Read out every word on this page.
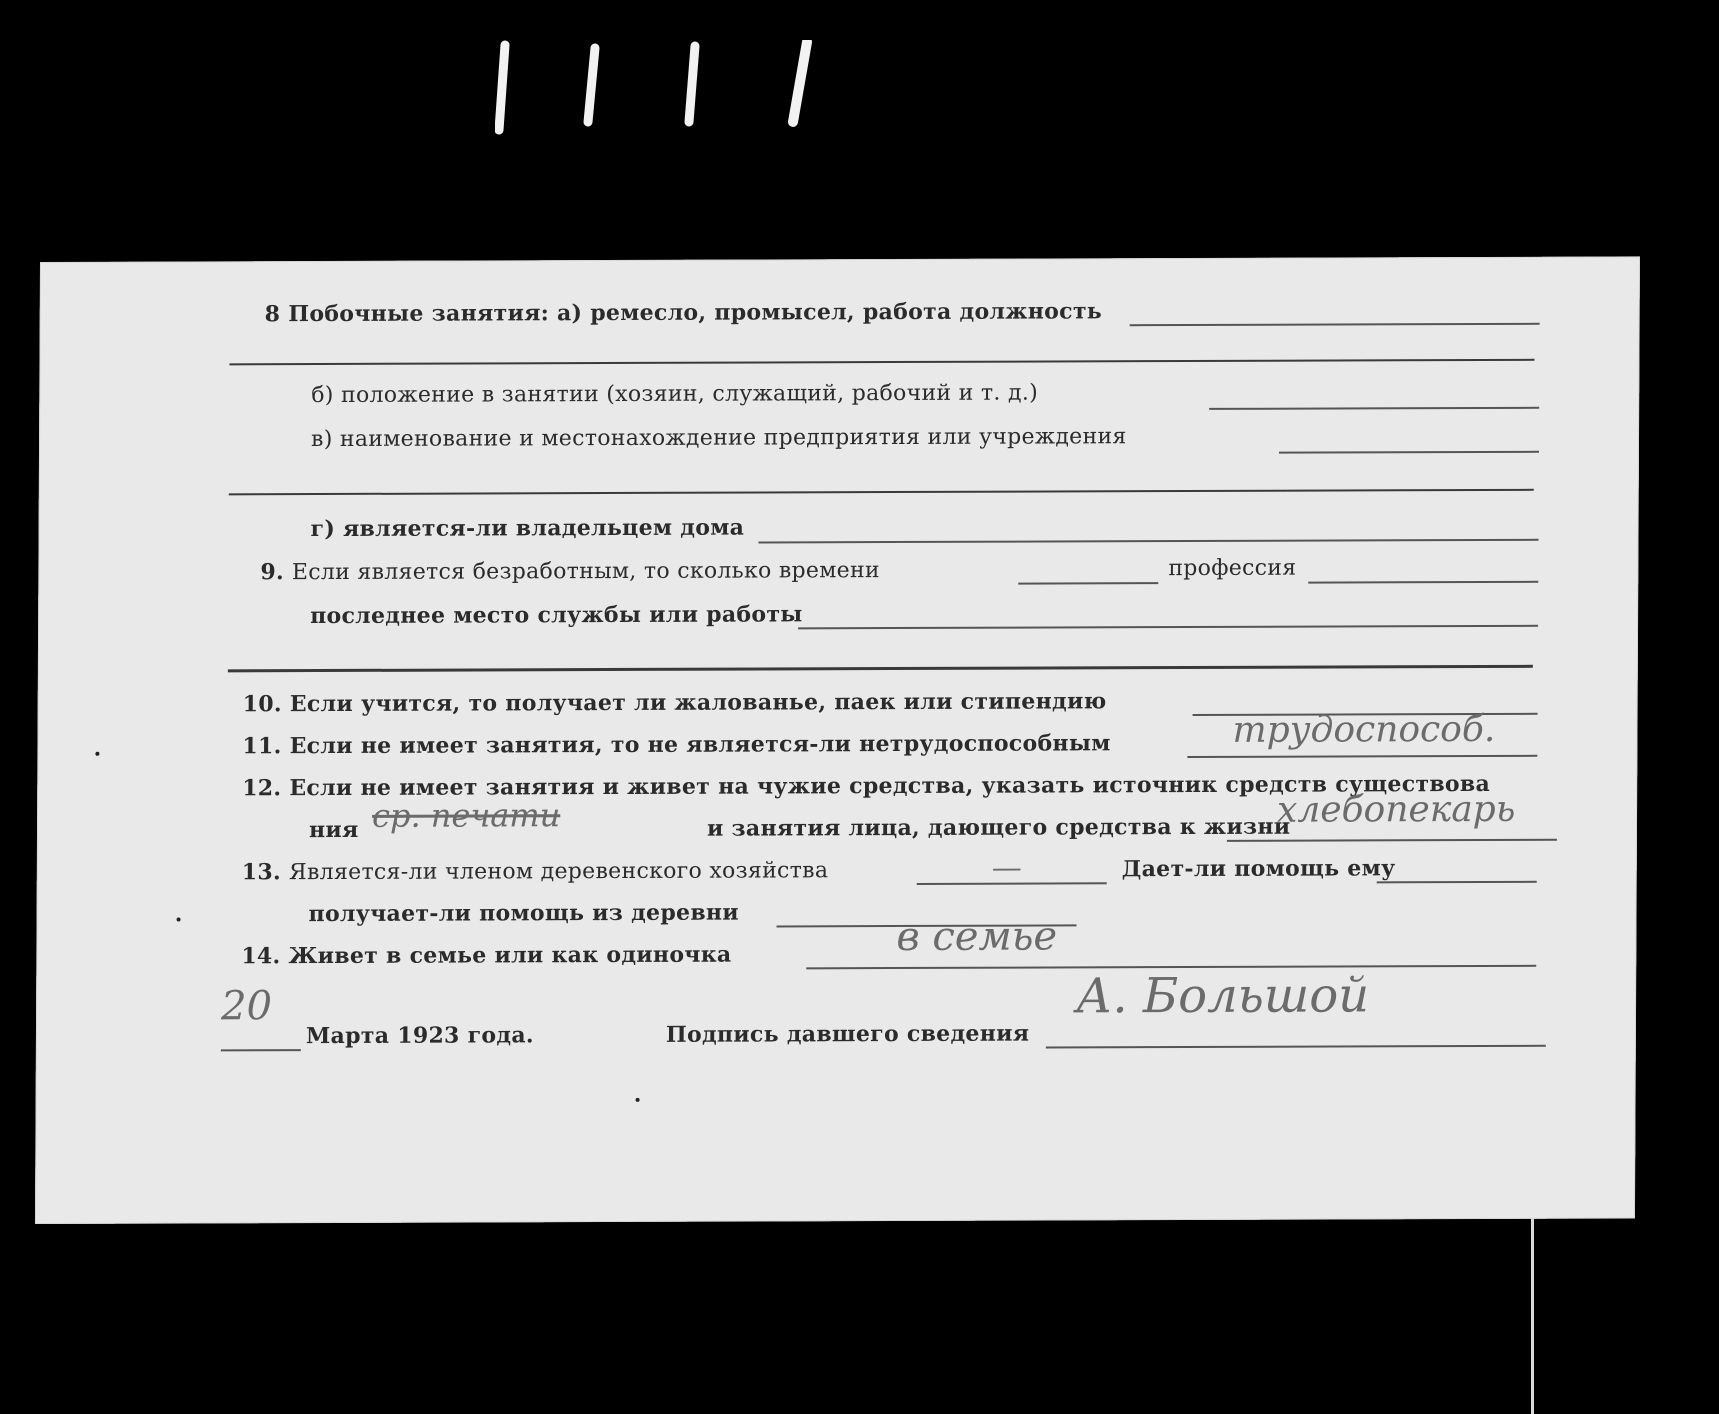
8 Побочные занятия: а) ремесло, промысел, работа должность
б) положение в занятии (хозяин, служащий, рабочий и т. д.)
в) наименование и местонахождение предприятия или учреждения
г) является-ли владельцем дома
9. Если является безработным, то сколько времени	профессия
последнее место службы или работы
10. Если учится, то получает ли жалованье, паек или стипендию
11. Если не имеет занятия, то не является-ли нетрудоспособным	трудоспособ.
12. Если не имеет занятия и живет на чужие средства, указать источник средств существова
ния ср. печати	и занятия лица, дающего средства к жизни
хлебопекарь
13. Является-ли членом деревенского хозяйства	—	Дает-ли помощь ему
получает-ли помощь из деревни
14. Живет в семье или как одиночка	в семье
20
Марта 1923 года.	Подпись давшего сведения
А. Большой
